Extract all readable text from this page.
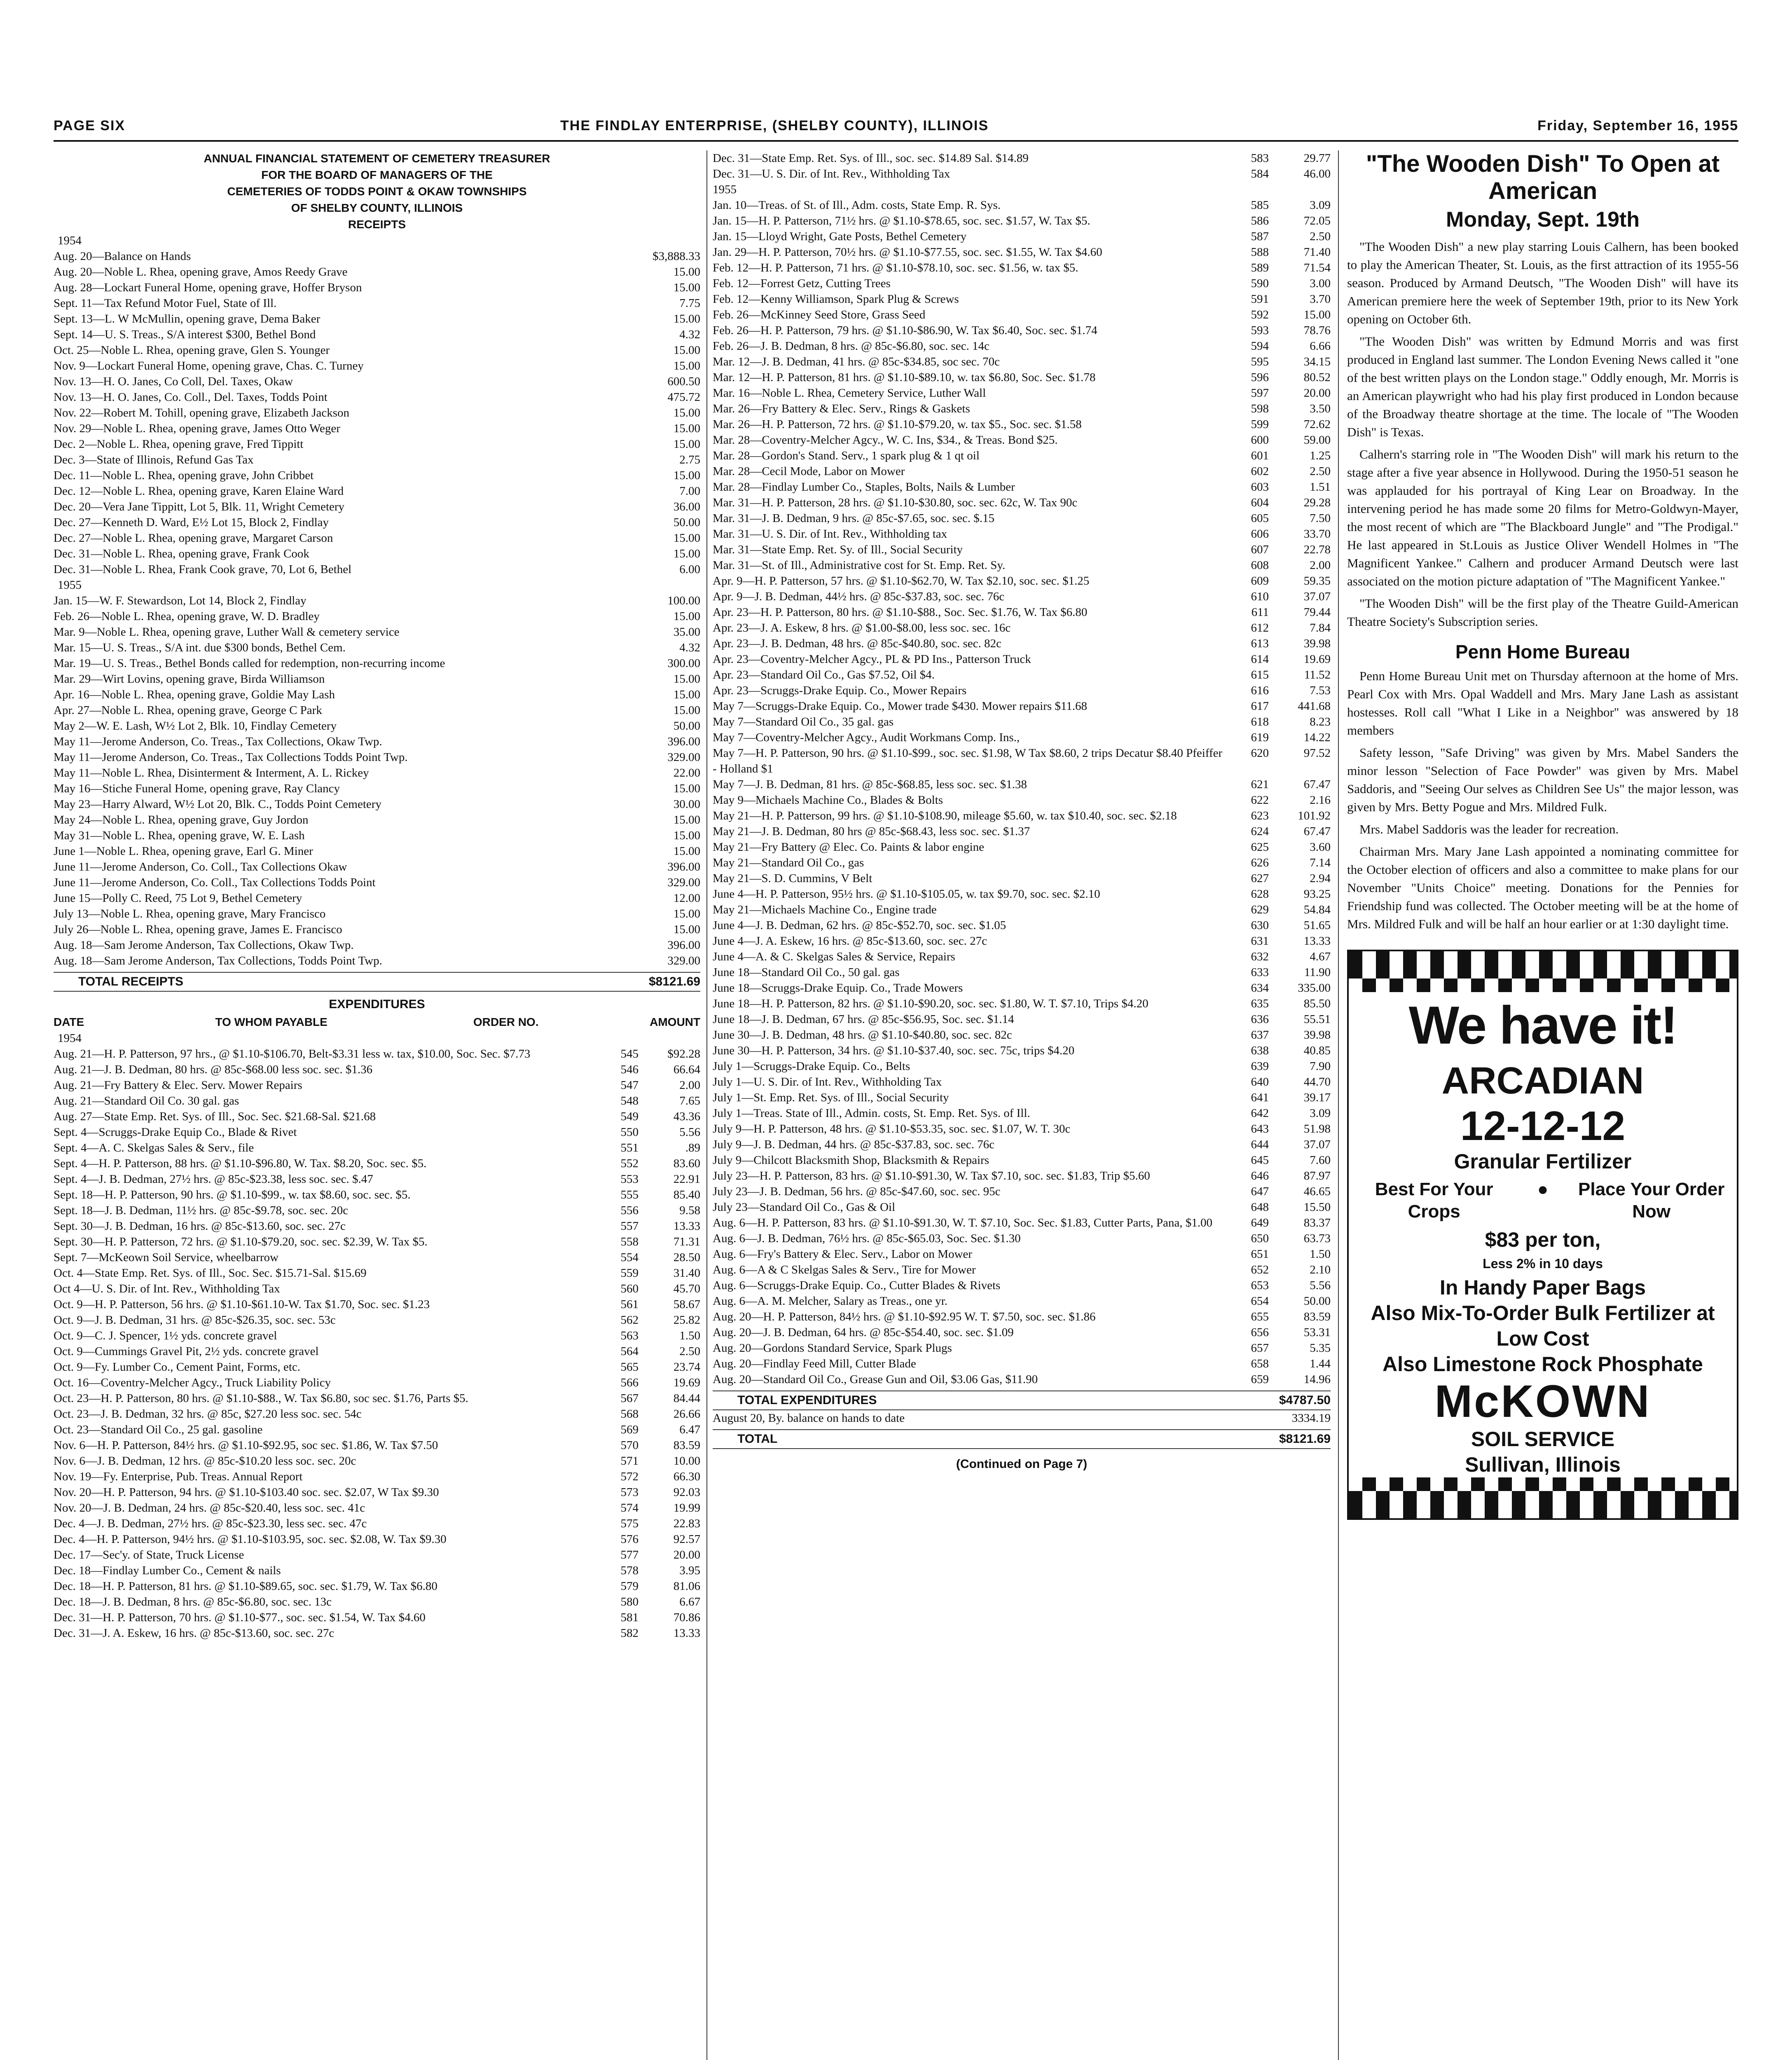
PAGE SIX	THE FINDLAY ENTERPRISE, (SHELBY COUNTY), ILLINOIS	Friday, September 16, 1955
ANNUAL FINANCIAL STATEMENT OF CEMETERY TREASURER
FOR THE BOARD OF MANAGERS OF THE
CEMETERIES OF TODDS POINT & OKAW TOWNSHIPS
OF SHELBY COUNTY, ILLINOIS
RECEIPTS
1954
Aug. 20—Balance on Hands	$3,888.33
Aug. 20—Noble L. Rhea, opening grave, Amos Reedy Grave	15.00
Aug. 28—Lockart Funeral Home, opening grave, Hoffer Bryson	15.00
Sept. 11—Tax Refund Motor Fuel, State of Ill.	7.75
Sept. 13—L. W McMullin, opening grave, Dema Baker	15.00
Sept. 14—U. S. Treas., S/A interest $300, Bethel Bond	4.32
Oct. 25—Noble L. Rhea, opening grave, Glen S. Younger	15.00
Nov. 9—Lockart Funeral Home, opening grave, Chas. C. Turney	15.00
Nov. 13—H. O. Janes, Co Coll, Del. Taxes, Okaw	600.50
Nov. 13—H. O. Janes, Co. Coll., Del. Taxes, Todds Point	475.72
Nov. 22—Robert M. Tohill, opening grave, Elizabeth Jackson	15.00
Nov. 29—Noble L. Rhea, opening grave, James Otto Weger	15.00
Dec. 2—Noble L. Rhea, opening grave, Fred Tippitt	15.00
Dec. 3—State of Illinois, Refund Gas Tax	2.75
Dec. 11—Noble L. Rhea, opening grave, John Cribbet	15.00
Dec. 12—Noble L. Rhea, opening grave, Karen Elaine Ward	7.00
Dec. 20—Vera Jane Tippitt, Lot 5, Blk. 11, Wright Cemetery	36.00
Dec. 27—Kenneth D. Ward, E½ Lot 15, Block 2, Findlay	50.00
Dec. 27—Noble L. Rhea, opening grave, Margaret Carson	15.00
Dec. 31—Noble L. Rhea, opening grave, Frank Cook	15.00
Dec. 31—Noble L. Rhea, Frank Cook grave, 70, Lot 6, Bethel	6.00
1955
Jan. 15—W. F. Stewardson, Lot 14, Block 2, Findlay	100.00
Feb. 26—Noble L. Rhea, opening grave, W. D. Bradley	15.00
Mar. 9—Noble L. Rhea, opening grave, Luther Wall & cemetery service	35.00
Mar. 15—U. S. Treas., S/A int. due $300 bonds, Bethel Cem.	4.32
Mar. 19—U. S. Treas., Bethel Bonds called for redemption, non-recurring income	300.00
Mar. 29—Wirt Lovins, opening grave, Birda Williamson	15.00
Apr. 16—Noble L. Rhea, opening grave, Goldie May Lash	15.00
Apr. 27—Noble L. Rhea, opening grave, George C Park	15.00
May 2—W. E. Lash, W½ Lot 2, Blk. 10, Findlay Cemetery	50.00
May 11—Jerome Anderson, Co. Treas., Tax Collections, Okaw Twp.	396.00
May 11—Jerome Anderson, Co. Treas., Tax Collections Todds Point Twp.	329.00
May 11—Noble L. Rhea, Disinterment & Interment, A. L. Rickey	22.00
May 16—Stiche Funeral Home, opening grave, Ray Clancy	15.00
May 23—Harry Alward, W½ Lot 20, Blk. C., Todds Point Cemetery	30.00
May 24—Noble L. Rhea, opening grave, Guy Jordon	15.00
May 31—Noble L. Rhea, opening grave, W. E. Lash	15.00
June 1—Noble L. Rhea, opening grave, Earl G. Miner	15.00
June 11—Jerome Anderson, Co. Coll., Tax Collections Okaw	396.00
June 11—Jerome Anderson, Co. Coll., Tax Collections Todds Point	329.00
June 15—Polly C. Reed, 75 Lot 9, Bethel Cemetery	12.00
July 13—Noble L. Rhea, opening grave, Mary Francisco	15.00
July 26—Noble L. Rhea, opening grave, James E. Francisco	15.00
Aug. 18—Sam Jerome Anderson, Tax Collections, Okaw Twp.	396.00
Aug. 18—Sam Jerome Anderson, Tax Collections, Todds Point Twp.	329.00
TOTAL RECEIPTS	$8121.69
EXPENDITURES
DATE	TO WHOM PAYABLE	ORDER NO.	AMOUNT
1954
Aug. 21—H. P. Patterson, 97 hrs., @ $1.10-$106.70, Belt-$3.31 less w. tax, $10.00, Soc. Sec. $7.73	545	$92.28
Aug. 21—J. B. Dedman, 80 hrs. @ 85c-$68.00 less soc. sec. $1.36	546	66.64
Aug. 21—Fry Battery & Elec. Serv. Mower Repairs	547	2.00
Aug. 21—Standard Oil Co. 30 gal. gas	548	7.65
Aug. 27—State Emp. Ret. Sys. of Ill., Soc. Sec. $21.68-Sal. $21.68	549	43.36
Sept. 4—Scruggs-Drake Equip Co., Blade & Rivet	550	5.56
Sept. 4—A. C. Skelgas Sales & Serv., file	551	.89
Sept. 4—H. P. Patterson, 88 hrs. @ $1.10-$96.80, W. Tax. $8.20, Soc. sec. $5.	552	83.60
Sept. 4—J. B. Dedman, 27½ hrs. @ 85c-$23.38, less soc. sec. $.47	553	22.91
Sept. 18—H. P. Patterson, 90 hrs. @ $1.10-$99., w. tax $8.60, soc. sec. $5.	555	85.40
Sept. 18—J. B. Dedman, 11½ hrs. @ 85c-$9.78, soc. sec. 20c	556	9.58
Sept. 30—J. B. Dedman, 16 hrs. @ 85c-$13.60, soc. sec. 27c	557	13.33
Sept. 30—H. P. Patterson, 72 hrs. @ $1.10-$79.20, soc. sec. $2.39, W. Tax $5.	558	71.31
Sept. 7—McKeown Soil Service, wheelbarrow	554	28.50
Oct. 4—State Emp. Ret. Sys. of Ill., Soc. Sec. $15.71-Sal. $15.69	559	31.40
Oct 4—U. S. Dir. of Int. Rev., Withholding Tax	560	45.70
Oct. 9—H. P. Patterson, 56 hrs. @ $1.10-$61.10-W. Tax $1.70, Soc. sec. $1.23	561	58.67
Oct. 9—J. B. Dedman, 31 hrs. @ 85c-$26.35, soc. sec. 53c	562	25.82
Oct. 9—C. J. Spencer, 1½ yds. concrete gravel	563	1.50
Oct. 9—Cummings Gravel Pit, 2½ yds. concrete gravel	564	2.50
Oct. 9—Fy. Lumber Co., Cement Paint, Forms, etc.	565	23.74
Oct. 16—Coventry-Melcher Agcy., Truck Liability Policy	566	19.69
Oct. 23—H. P. Patterson, 80 hrs. @ $1.10-$88., W. Tax $6.80, soc sec. $1.76, Parts $5.	567	84.44
Oct. 23—J. B. Dedman, 32 hrs. @ 85c, $27.20 less soc. sec. 54c	568	26.66
Oct. 23—Standard Oil Co., 25 gal. gasoline	569	6.47
Nov. 6—H. P. Patterson, 84½ hrs. @ $1.10-$92.95, soc sec. $1.86, W. Tax $7.50	570	83.59
Nov. 6—J. B. Dedman, 12 hrs. @ 85c-$10.20 less soc. sec. 20c	571	10.00
Nov. 19—Fy. Enterprise, Pub. Treas. Annual Report	572	66.30
Nov. 20—H. P. Patterson, 94 hrs. @ $1.10-$103.40 soc. sec. $2.07, W Tax $9.30	573	92.03
Nov. 20—J. B. Dedman, 24 hrs. @ 85c-$20.40, less soc. sec. 41c	574	19.99
Dec. 4—J. B. Dedman, 27½ hrs. @ 85c-$23.30, less sec. sec. 47c	575	22.83
Dec. 4—H. P. Patterson, 94½ hrs. @ $1.10-$103.95, soc. sec. $2.08, W. Tax $9.30	576	92.57
Dec. 17—Sec'y. of State, Truck License	577	20.00
Dec. 18—Findlay Lumber Co., Cement & nails	578	3.95
Dec. 18—H. P. Patterson, 81 hrs. @ $1.10-$89.65, soc. sec. $1.79, W. Tax $6.80	579	81.06
Dec. 18—J. B. Dedman, 8 hrs. @ 85c-$6.80, soc. sec. 13c	580	6.67
Dec. 31—H. P. Patterson, 70 hrs. @ $1.10-$77., soc. sec. $1.54, W. Tax $4.60	581	70.86
Dec. 31—J. A. Eskew, 16 hrs. @ 85c-$13.60, soc. sec. 27c	582	13.33
Dec. 31—State Emp. Ret. Sys. of Ill., soc. sec. $14.89 Sal. $14.89	583	29.77
Dec. 31—U. S. Dir. of Int. Rev., Withholding Tax	584	46.00
1955
Jan. 10—Treas. of St. of Ill., Adm. costs, State Emp. R. Sys.	585	3.09
Jan. 15—H. P. Patterson, 71½ hrs. @ $1.10-$78.65, soc. sec. $1.57, W. Tax $5.	586	72.05
Jan. 15—Lloyd Wright, Gate Posts, Bethel Cemetery	587	2.50
Jan. 29—H. P. Patterson, 70½ hrs. @ $1.10-$77.55, soc. sec. $1.55, W. Tax $4.60	588	71.40
Feb. 12—H. P. Patterson, 71 hrs. @ $1.10-$78.10, soc. sec. $1.56, w. tax $5.	589	71.54
Feb. 12—Forrest Getz, Cutting Trees	590	3.00
Feb. 12—Kenny Williamson, Spark Plug & Screws	591	3.70
Feb. 26—McKinney Seed Store, Grass Seed	592	15.00
Feb. 26—H. P. Patterson, 79 hrs. @ $1.10-$86.90, W. Tax $6.40, Soc. sec. $1.74	593	78.76
Feb. 26—J. B. Dedman, 8 hrs. @ 85c-$6.80, soc. sec. 14c	594	6.66
Mar. 12—J. B. Dedman, 41 hrs. @ 85c-$34.85, soc sec. 70c	595	34.15
Mar. 12—H. P. Patterson, 81 hrs. @ $1.10-$89.10, w. tax $6.80, Soc. Sec. $1.78	596	80.52
Mar. 16—Noble L. Rhea, Cemetery Service, Luther Wall	597	20.00
Mar. 26—Fry Battery & Elec. Serv., Rings & Gaskets	598	3.50
Mar. 26—H. P. Patterson, 72 hrs. @ $1.10-$79.20, w. tax $5., Soc. sec. $1.58	599	72.62
Mar. 28—Coventry-Melcher Agcy., W. C. Ins, $34., & Treas. Bond $25.	600	59.00
Mar. 28—Gordon's Stand. Serv., 1 spark plug & 1 qt oil	601	1.25
Mar. 28—Cecil Mode, Labor on Mower	602	2.50
Mar. 28—Findlay Lumber Co., Staples, Bolts, Nails & Lumber	603	1.51
Mar. 31—H. P. Patterson, 28 hrs. @ $1.10-$30.80, soc. sec. 62c, W. Tax 90c	604	29.28
Mar. 31—J. B. Dedman, 9 hrs. @ 85c-$7.65, soc. sec. $.15	605	7.50
Mar. 31—U. S. Dir. of Int. Rev., Withholding tax	606	33.70
Mar. 31—State Emp. Ret. Sy. of Ill., Social Security	607	22.78
Mar. 31—St. of Ill., Administrative cost for St. Emp. Ret. Sy.	608	2.00
Apr. 9—H. P. Patterson, 57 hrs. @ $1.10-$62.70, W. Tax $2.10, soc. sec. $1.25	609	59.35
Apr. 9—J. B. Dedman, 44½ hrs. @ 85c-$37.83, soc. sec. 76c	610	37.07
Apr. 23—H. P. Patterson, 80 hrs. @ $1.10-$88., Soc. Sec. $1.76, W. Tax $6.80	611	79.44
Apr. 23—J. A. Eskew, 8 hrs. @ $1.00-$8.00, less soc. sec. 16c	612	7.84
Apr. 23—J. B. Dedman, 48 hrs. @ 85c-$40.80, soc. sec. 82c	613	39.98
Apr. 23—Coventry-Melcher Agcy., PL & PD Ins., Patterson Truck	614	19.69
Apr. 23—Standard Oil Co., Gas $7.52, Oil $4.	615	11.52
Apr. 23—Scruggs-Drake Equip. Co., Mower Repairs	616	7.53
May 7—Scruggs-Drake Equip. Co., Mower trade $430. Mower repairs $11.68	617	441.68
May 7—Standard Oil Co., 35 gal. gas	618	8.23
May 7—Coventry-Melcher Agcy., Audit Workmans Comp. Ins.,	619	14.22
May 7—H. P. Patterson, 90 hrs. @ $1.10-$99., soc. sec. $1.98, W Tax $8.60, 2 trips Decatur $8.40 Pfeiffer - Holland $1
620	97.52
May 7—J. B. Dedman, 81 hrs. @ 85c-$68.85, less soc. sec. $1.38	621	67.47
May 9—Michaels Machine Co., Blades & Bolts	622	2.16
May 21—H. P. Patterson, 99 hrs. @ $1.10-$108.90, mileage $5.60, w. tax $10.40, soc. sec. $2.18	623	101.92
May 21—J. B. Dedman, 80 hrs @ 85c-$68.43, less soc. sec. $1.37	624	67.47
May 21—Fry Battery @ Elec. Co. Paints & labor engine	625	3.60
May 21—Standard Oil Co., gas	626	7.14
May 21—S. D. Cummins, V Belt	627	2.94
June 4—H. P. Patterson, 95½ hrs. @ $1.10-$105.05, w. tax $9.70, soc. sec. $2.10	628	93.25
May 21—Michaels Machine Co., Engine trade	629	54.84
June 4—J. B. Dedman, 62 hrs. @ 85c-$52.70, soc. sec. $1.05	630	51.65
June 4—J. A. Eskew, 16 hrs. @ 85c-$13.60, soc. sec. 27c	631	13.33
June 4—A. & C. Skelgas Sales & Service, Repairs	632	4.67
June 18—Standard Oil Co., 50 gal. gas	633	11.90
June 18—Scruggs-Drake Equip. Co., Trade Mowers	634	335.00
June 18—H. P. Patterson, 82 hrs. @ $1.10-$90.20, soc. sec. $1.80, W. T. $7.10, Trips $4.20	635	85.50
June 18—J. B. Dedman, 67 hrs. @ 85c-$56.95, Soc. sec. $1.14	636	55.51
June 30—J. B. Dedman, 48 hrs. @ $1.10-$40.80, soc. sec. 82c	637	39.98
June 30—H. P. Patterson, 34 hrs. @ $1.10-$37.40, soc. sec. 75c, trips $4.20	638	40.85
July 1—Scruggs-Drake Equip. Co., Belts	639	7.90
July 1—U. S. Dir. of Int. Rev., Withholding Tax	640	44.70
July 1—St. Emp. Ret. Sys. of Ill., Social Security	641	39.17
July 1—Treas. State of Ill., Admin. costs, St. Emp. Ret. Sys. of Ill.	642	3.09
July 9—H. P. Patterson, 48 hrs. @ $1.10-$53.35, soc. sec. $1.07, W. T. 30c	643	51.98
July 9—J. B. Dedman, 44 hrs. @ 85c-$37.83, soc. sec. 76c	644	37.07
July 9—Chilcott Blacksmith Shop, Blacksmith & Repairs	645	7.60
July 23—H. P. Patterson, 83 hrs. @ $1.10-$91.30, W. Tax $7.10, soc. sec. $1.83, Trip $5.60	646	87.97
July 23—J. B. Dedman, 56 hrs. @ 85c-$47.60, soc. sec. 95c	647	46.65
July 23—Standard Oil Co., Gas & Oil	648	15.50
Aug. 6—H. P. Patterson, 83 hrs. @ $1.10-$91.30, W. T. $7.10, Soc. Sec. $1.83, Cutter Parts, Pana, $1.00	649	83.37
Aug. 6—J. B. Dedman, 76½ hrs. @ 85c-$65.03, Soc. Sec. $1.30	650	63.73
Aug. 6—Fry's Battery & Elec. Serv., Labor on Mower	651	1.50
Aug. 6—A & C Skelgas Sales & Serv., Tire for Mower	652	2.10
Aug. 6—Scruggs-Drake Equip. Co., Cutter Blades & Rivets	653	5.56
Aug. 6—A. M. Melcher, Salary as Treas., one yr.	654	50.00
Aug. 20—H. P. Patterson, 84½ hrs. @ $1.10-$92.95 W. T. $7.50, soc. sec. $1.86	655	83.59
Aug. 20—J. B. Dedman, 64 hrs. @ 85c-$54.40, soc. sec. $1.09	656	53.31
Aug. 20—Gordons Standard Service, Spark Plugs	657	5.35
Aug. 20—Findlay Feed Mill, Cutter Blade	658	1.44
Aug. 20—Standard Oil Co., Grease Gun and Oil, $3.06 Gas, $11.90	659	14.96
TOTAL EXPENDITURES	$4787.50
August 20, By. balance on hands to date	3334.19
TOTAL	$8121.69
(Continued on Page 7)
"The Wooden Dish" To Open at American
Monday, Sept. 19th

"The Wooden Dish" a new play starring Louis Calhern, has been booked to play the American Theater, St. Louis, as the first attraction of its 1955-56 season. Produced by Armand Deutsch, "The Wooden Dish" will have its American premiere here the week of September 19th, prior to its New York opening on October 6th.

"The Wooden Dish" was written by Edmund Morris and was first produced in England last summer. The London Evening News called it "one of the best written plays on the London stage." Oddly enough, Mr. Morris is an American playwright who had his play first produced in London because of the Broadway theatre shortage at the time. The locale of "The Wooden Dish" is Texas.

Calhern's starring role in "The Wooden Dish" will mark his return to the stage after a five year absence in Hollywood. During the 1950-51 season he was applauded for his portrayal of King Lear on Broadway. In the intervening period he has made some 20 films for Metro-Goldwyn-Mayer, the most recent of which are "The Blackboard Jungle" and "The Prodigal." He last appeared in St.Louis as Justice Oliver Wendell Holmes in "The Magnificent Yankee." Calhern and producer Armand Deutsch were last associated on the motion picture adaptation of "The Magnificent Yankee."

"The Wooden Dish" will be the first play of the Theatre Guild-American Theatre Society's Subscription series.

Penn Home Bureau

Penn Home Bureau Unit met on Thursday afternoon at the home of Mrs. Pearl Cox with Mrs. Opal Waddell and Mrs. Mary Jane Lash as assistant hostesses. Roll call "What I Like in a Neighbor" was answered by 18 members

Safety lesson, "Safe Driving" was given by Mrs. Mabel Sanders the minor lesson "Selection of Face Powder" was given by Mrs. Mabel Saddoris, and "Seeing Our selves as Children See Us" the major lesson, was given by Mrs. Betty Pogue and Mrs. Mildred Fulk.

Mrs. Mabel Saddoris was the leader for recreation.

Chairman Mrs. Mary Jane Lash appointed a nominating committee for the October election of officers and also a committee to make plans for our November "Units Choice" meeting. Donations for the Pennies for Friendship fund was collected. The October meeting will be at the home of Mrs. Mildred Fulk and will be half an hour earlier or at 1:30 daylight time.

We have it!
ARCADIAN
12-12-12
Granular Fertilizer
Best For Your Crops
●	Place Your Order Now
$83 per ton,
Less 2% in 10 days
In Handy Paper Bags
Also Mix-To-Order Bulk Fertilizer at Low Cost
Also Limestone Rock Phosphate
McKOWN
SOIL SERVICE
Sullivan, Illinois
